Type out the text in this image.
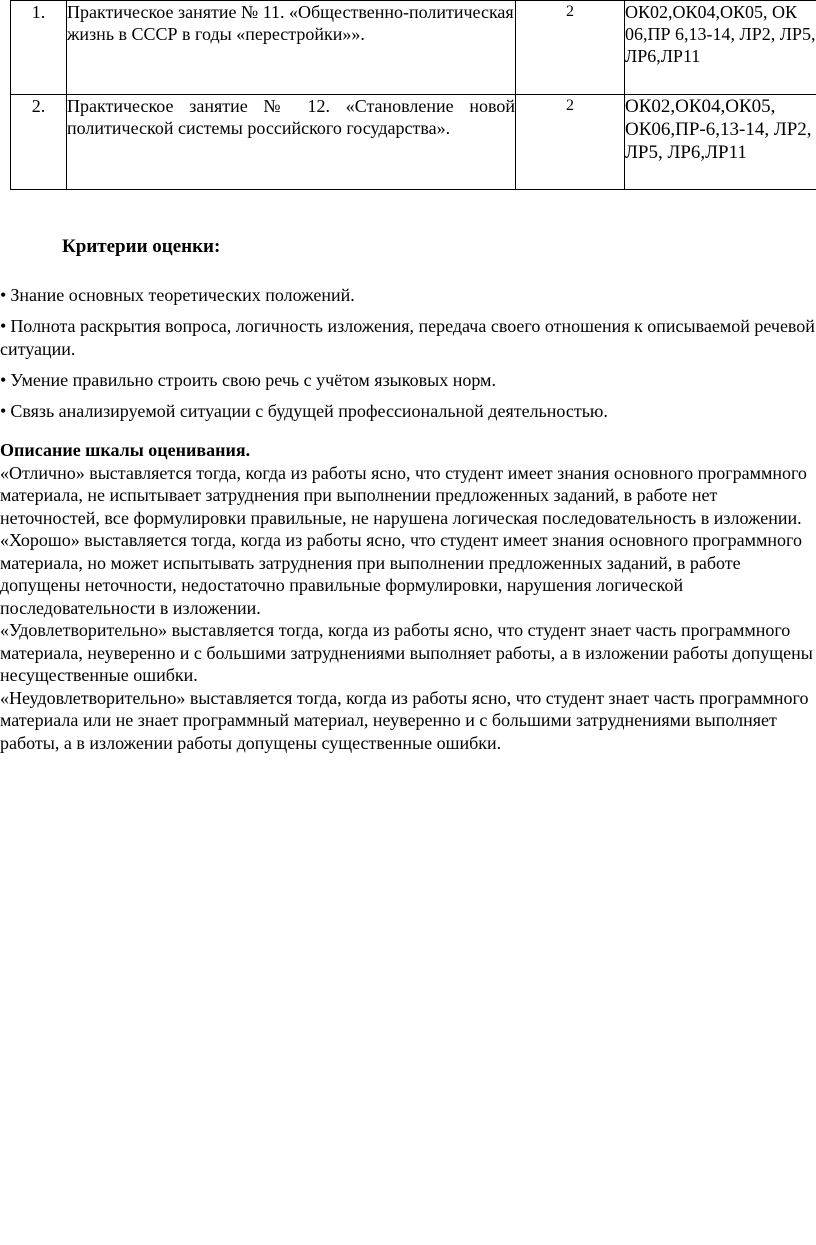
1.	Практическое занятие № 11. «Общественно-политическая жизнь в СССР в годы «перестройки»».	2	ОК02,ОК04,ОК05, ОК 06,ПР 6,13-14, ЛР2, ЛР5, ЛР6,ЛР11
2.	Практическое занятие № 12. «Становление новой политической системы российского государства».	2	ОК02,ОК04,ОК05, ОК06,ПР-6,13-14, ЛР2, ЛР5, ЛР6,ЛР11
Критерии оценки:
• Знание основных теоретических положений.
• Полнота раскрытия вопроса, логичность изложения, передача своего отношения к описываемой речевой ситуации.
• Умение правильно строить свою речь с учётом языковых норм.
• Связь анализируемой ситуации с будущей профессиональной деятельностью.

Описание шкалы оценивания.

«Отлично» выставляется тогда, когда из работы ясно, что студент имеет знания основного программного материала, не испытывает затруднения при выполнении предложенных заданий, в работе нет неточностей, все формулировки правильные, не нарушена логическая последовательность в изложении.

«Хорошо» выставляется тогда, когда из работы ясно, что студент имеет знания основного программного материала, но может испытывать затруднения при выполнении предложенных заданий, в работе допущены неточности, недостаточно правильные формулировки, нарушения логической последовательности в изложении.

«Удовлетворительно» выставляется тогда, когда из работы ясно, что студент знает часть программного материала, неуверенно и с большими затруднениями выполняет работы, а в изложении работы допущены несущественные ошибки.

«Неудовлетворительно» выставляется тогда, когда из работы ясно, что студент знает часть программного материала или не знает программный материал, неуверенно и с большими затруднениями выполняет работы, а в изложении работы допущены существенные ошибки.
